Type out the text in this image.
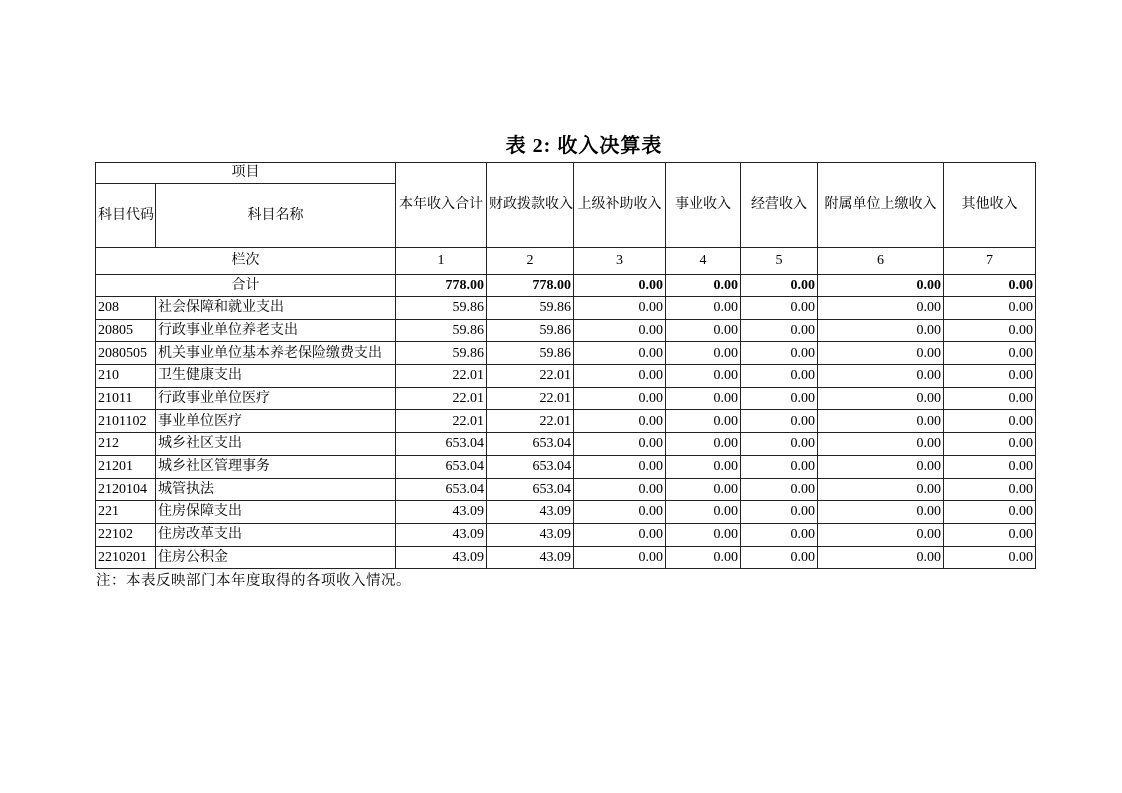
表 2: 收入决算表
项目		本年收入合计	财政拨款收入	上级补助收入	事业收入	经营收入	附属单位上缴收入	其他收入
科目代码	科目名称							
栏次		1	2	3	4	5	6	7
合计		778.00	778.00	0.00	0.00	0.00	0.00	0.00
208	社会保障和就业支出	59.86	59.86	0.00	0.00	0.00	0.00	0.00
20805	行政事业单位养老支出	59.86	59.86	0.00	0.00	0.00	0.00	0.00
2080505	机关事业单位基本养老保险缴费支出	59.86	59.86	0.00	0.00	0.00	0.00	0.00
210	卫生健康支出	22.01	22.01	0.00	0.00	0.00	0.00	0.00
21011	行政事业单位医疗	22.01	22.01	0.00	0.00	0.00	0.00	0.00
2101102	事业单位医疗	22.01	22.01	0.00	0.00	0.00	0.00	0.00
212	城乡社区支出	653.04	653.04	0.00	0.00	0.00	0.00	0.00
21201	城乡社区管理事务	653.04	653.04	0.00	0.00	0.00	0.00	0.00
2120104	城管执法	653.04	653.04	0.00	0.00	0.00	0.00	0.00
221	住房保障支出	43.09	43.09	0.00	0.00	0.00	0.00	0.00
22102	住房改革支出	43.09	43.09	0.00	0.00	0.00	0.00	0.00
2210201	住房公积金	43.09	43.09	0.00	0.00	0.00	0.00	0.00
注：本表反映部门本年度取得的各项收入情况。
